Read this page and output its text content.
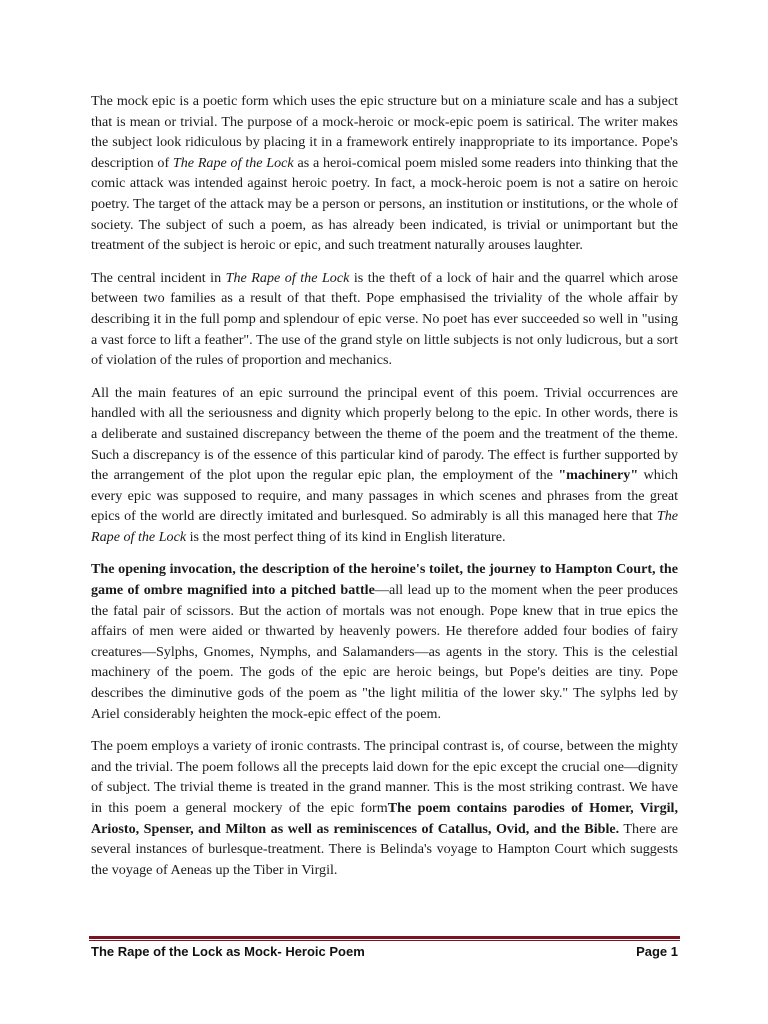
The mock epic is a poetic form which uses the epic structure but on a miniature scale and has a subject that is mean or trivial. The purpose of a mock-heroic or mock-epic poem is satirical. The writer makes the subject look ridiculous by placing it in a framework entirely inappropriate to its importance. Pope's description of The Rape of the Lock as a heroi-comical poem misled some readers into thinking that the comic attack was intended against heroic poetry. In fact, a mock-heroic poem is not a satire on heroic poetry. The target of the attack may be a person or persons, an institution or institutions, or the whole of society. The subject of such a poem, as has already been indicated, is trivial or unimportant but the treatment of the subject is heroic or epic, and such treatment naturally arouses laughter.

The central incident in The Rape of the Lock is the theft of a lock of hair and the quarrel which arose between two families as a result of that theft. Pope emphasised the triviality of the whole affair by describing it in the full pomp and splendour of epic verse. No poet has ever succeeded so well in "using a vast force to lift a feather". The use of the grand style on little subjects is not only ludicrous, but a sort of violation of the rules of proportion and mechanics.

All the main features of an epic surround the principal event of this poem. Trivial occurrences are handled with all the seriousness and dignity which properly belong to the epic. In other words, there is a deliberate and sustained discrepancy between the theme of the poem and the treatment of the theme. Such a discrepancy is of the essence of this particular kind of parody. The effect is further supported by the arrangement of the plot upon the regular epic plan, the employment of the "machinery" which every epic was supposed to require, and many passages in which scenes and phrases from the great epics of the world are directly imitated and burlesqued. So admirably is all this managed here that The Rape of the Lock is the most perfect thing of its kind in English literature.

The opening invocation, the description of the heroine's toilet, the journey to Hampton Court, the game of ombre magnified into a pitched battle—all lead up to the moment when the peer produces the fatal pair of scissors. But the action of mortals was not enough. Pope knew that in true epics the affairs of men were aided or thwarted by heavenly powers. He therefore added four bodies of fairy creatures—Sylphs, Gnomes, Nymphs, and Salamanders—as agents in the story. This is the celestial machinery of the poem. The gods of the epic are heroic beings, but Pope's deities are tiny. Pope describes the diminutive gods of the poem as "the light militia of the lower sky." The sylphs led by Ariel considerably heighten the mock-epic effect of the poem.

The poem employs a variety of ironic contrasts. The principal contrast is, of course, between the mighty and the trivial. The poem follows all the precepts laid down for the epic except the crucial one—dignity of subject. The trivial theme is treated in the grand manner. This is the most striking contrast. We have in this poem a general mockery of the epic formThe poem contains parodies of Homer, Virgil, Ariosto, Spenser, and Milton as well as reminiscences of Catallus, Ovid, and the Bible. There are several instances of burlesque-treatment. There is Belinda's voyage to Hampton Court which suggests the voyage of Aeneas up the Tiber in Virgil.

The Rape of the Lock as Mock- Heroic Poem	Page 1
